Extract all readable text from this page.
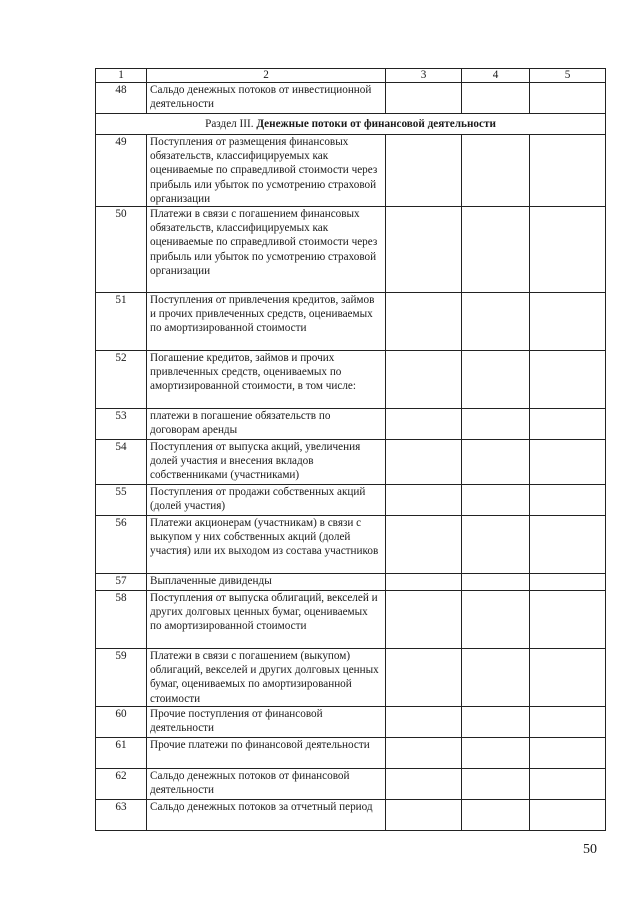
1	2	3	4	5
48	Сальдо денежных потоков от инвестиционной деятельности			
Раздел III. Денежные потоки от финансовой деятельности				
49	Поступления от размещения финансовых обязательств, классифицируемых как оцениваемые по справедливой стоимости через прибыль или убыток по усмотрению страховой организации			
50	Платежи в связи с погашением финансовых обязательств, классифицируемых как оцениваемые по справедливой стоимости через прибыль или убыток по усмотрению страховой организации			
51	Поступления от привлечения кредитов, займов и прочих привлеченных средств, оцениваемых по амортизированной стоимости			
52	Погашение кредитов, займов и прочих привлеченных средств, оцениваемых по амортизированной стоимости, в том числе:			
53	платежи в погашение обязательств по договорам аренды			
54	Поступления от выпуска акций, увеличения долей участия и внесения вкладов собственниками (участниками)			
55	Поступления от продажи собственных акций (долей участия)			
56	Платежи акционерам (участникам) в связи с выкупом у них собственных акций (долей участия) или их выходом из состава участников			
57	Выплаченные дивиденды			
58	Поступления от выпуска облигаций, векселей и других долговых ценных бумаг, оцениваемых по амортизированной стоимости			
59	Платежи в связи с погашением (выкупом) облигаций, векселей и других долговых ценных бумаг, оцениваемых по амортизированной стоимости			
60	Прочие поступления от финансовой деятельности			
61	Прочие платежи по финансовой деятельности			
62	Сальдо денежных потоков от финансовой деятельности			
63	Сальдо денежных потоков за отчетный период			
50
